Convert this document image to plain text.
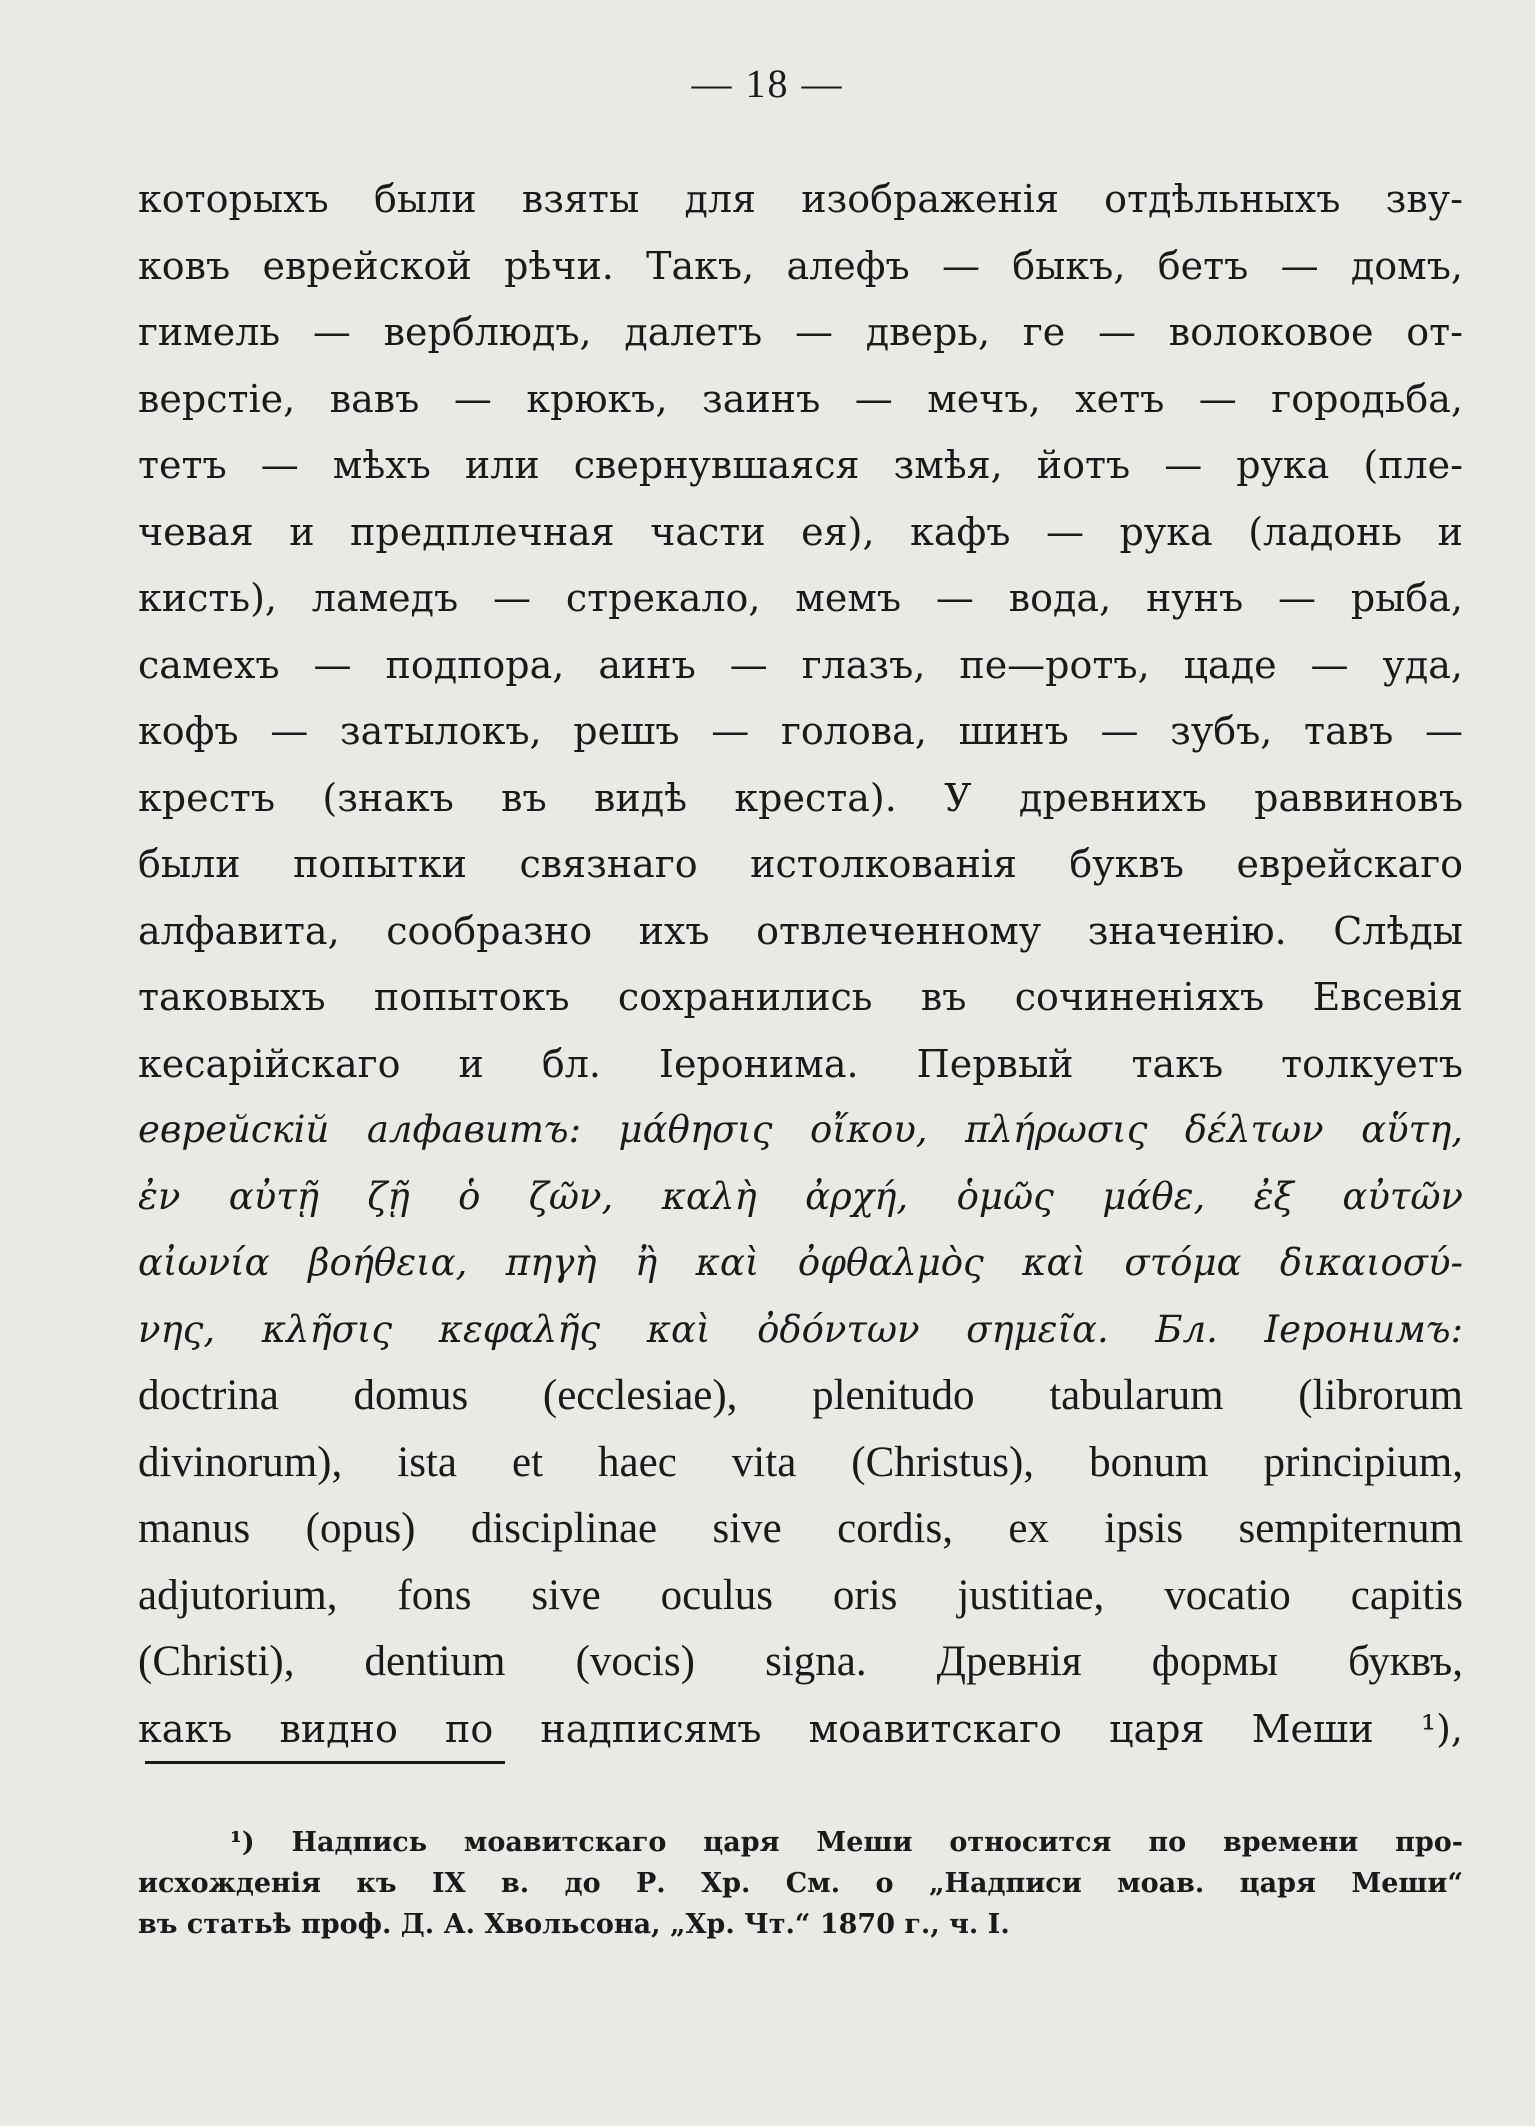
— 18 —
которыхъ были взяты для изображенія отдѣльныхъ зву-
ковъ еврейской рѣчи. Такъ, алефъ — быкъ, бетъ — домъ,
гимель — верблюдъ, далетъ — дверь, ге — волоковое от-
верстіе, вавъ — крюкъ, заинъ — мечъ, хетъ — городьба,
тетъ — мѣхъ или свернувшаяся змѣя, йотъ — рука (пле-
чевая и предплечная части ея), кафъ — рука (ладонь и
кисть), ламедъ — стрекало, мемъ — вода, нунъ — рыба,
самехъ — подпора, аинъ — глазъ, пе—ротъ, цаде — уда,
кофъ — затылокъ, решъ — голова, шинъ — зубъ, тавъ —
крестъ (знакъ въ видѣ креста). У древнихъ раввиновъ
были попытки связнаго истолкованія буквъ еврейскаго
алфавита, сообразно ихъ отвлеченному значенію. Слѣды
таковыхъ попытокъ сохранились въ сочиненіяхъ Евсевія
кесарійскаго и бл. Іеронима. Первый такъ толкуетъ
еврейскій алфавитъ: μάθησις οἴκου, πλήρωσις δέλτων αὕτη,
ἐν αὐτῇ ζῇ ὁ ζῶν, καλὴ ἀρχή, ὁμῶς μάθε, ἐξ αὐτῶν
αἰωνία βοήθεια, πηγὴ ἢ καὶ ὀφθαλμὸς καὶ στόμα δικαιοσύ-
νης, κλῆσις κεφαλῆς καὶ ὀδόντων σημεῖα. Бл. Іеронимъ:
doctrina domus (ecclesiae), plenitudo tabularum (librorum
divinorum), ista et haec vita (Christus), bonum principium,
manus (opus) disciplinae sive cordis, ex ipsis sempiternum
adjutorium, fons sive oculus oris justitiae, vocatio capitis
(Christi), dentium (vocis) signa. Древнія формы буквъ,
какъ видно по надписямъ моавитскаго царя Меши ¹),
¹) Надпись моавитскаго царя Меши относится по времени про-
исхожденія къ IX в. до Р. Хр. См. о „Надписи моав. царя Меши“
въ статьѣ проф. Д. А. Хвольсона, „Хр. Чт.“ 1870 г., ч. I.
